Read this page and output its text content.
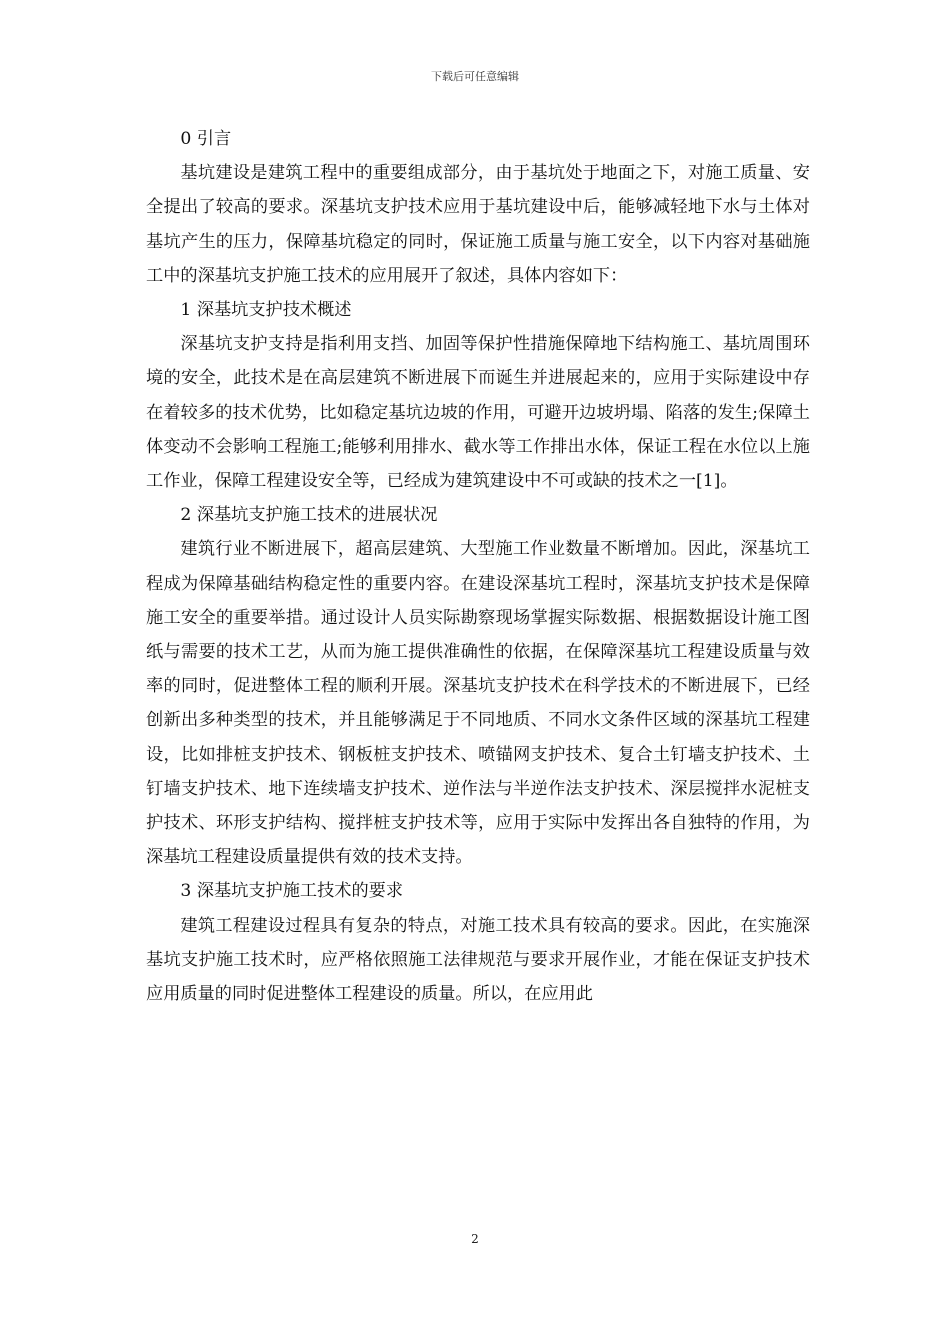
下载后可任意编辑

0 引言

基坑建设是建筑工程中的重要组成部分，由于基坑处于地面之下，对施工质量、安全提出了较高的要求。深基坑支护技术应用于基坑建设中后，能够减轻地下水与土体对基坑产生的压力，保障基坑稳定的同时，保证施工质量与施工安全，以下内容对基础施工中的深基坑支护施工技术的应用展开了叙述，具体内容如下：

1 深基坑支护技术概述

深基坑支护支持是指利用支挡、加固等保护性措施保障地下结构施工、基坑周围环境的安全，此技术是在高层建筑不断进展下而诞生并进展起来的，应用于实际建设中存在着较多的技术优势，比如稳定基坑边坡的作用，可避开边坡坍塌、陷落的发生;保障土体变动不会影响工程施工;能够利用排水、截水等工作排出水体，保证工程在水位以上施工作业，保障工程建设安全等，已经成为建筑建设中不可或缺的技术之一[1]。

2 深基坑支护施工技术的进展状况

建筑行业不断进展下，超高层建筑、大型施工作业数量不断增加。因此，深基坑工程成为保障基础结构稳定性的重要内容。在建设深基坑工程时，深基坑支护技术是保障施工安全的重要举措。通过设计人员实际勘察现场掌握实际数据、根据数据设计施工图纸与需要的技术工艺，从而为施工提供准确性的依据，在保障深基坑工程建设质量与效率的同时，促进整体工程的顺利开展。深基坑支护技术在科学技术的不断进展下，已经创新出多种类型的技术，并且能够满足于不同地质、不同水文条件区域的深基坑工程建设，比如排桩支护技术、钢板桩支护技术、喷锚网支护技术、复合土钉墙支护技术、土钉墙支护技术、地下连续墙支护技术、逆作法与半逆作法支护技术、深层搅拌水泥桩支护技术、环形支护结构、搅拌桩支护技术等，应用于实际中发挥出各自独特的作用，为深基坑工程建设质量提供有效的技术支持。

3 深基坑支护施工技术的要求

建筑工程建设过程具有复杂的特点，对施工技术具有较高的要求。因此，在实施深基坑支护施工技术时，应严格依照施工法律规范与要求开展作业，才能在保证支护技术应用质量的同时促进整体工程建设的质量。所以，在应用此

2
